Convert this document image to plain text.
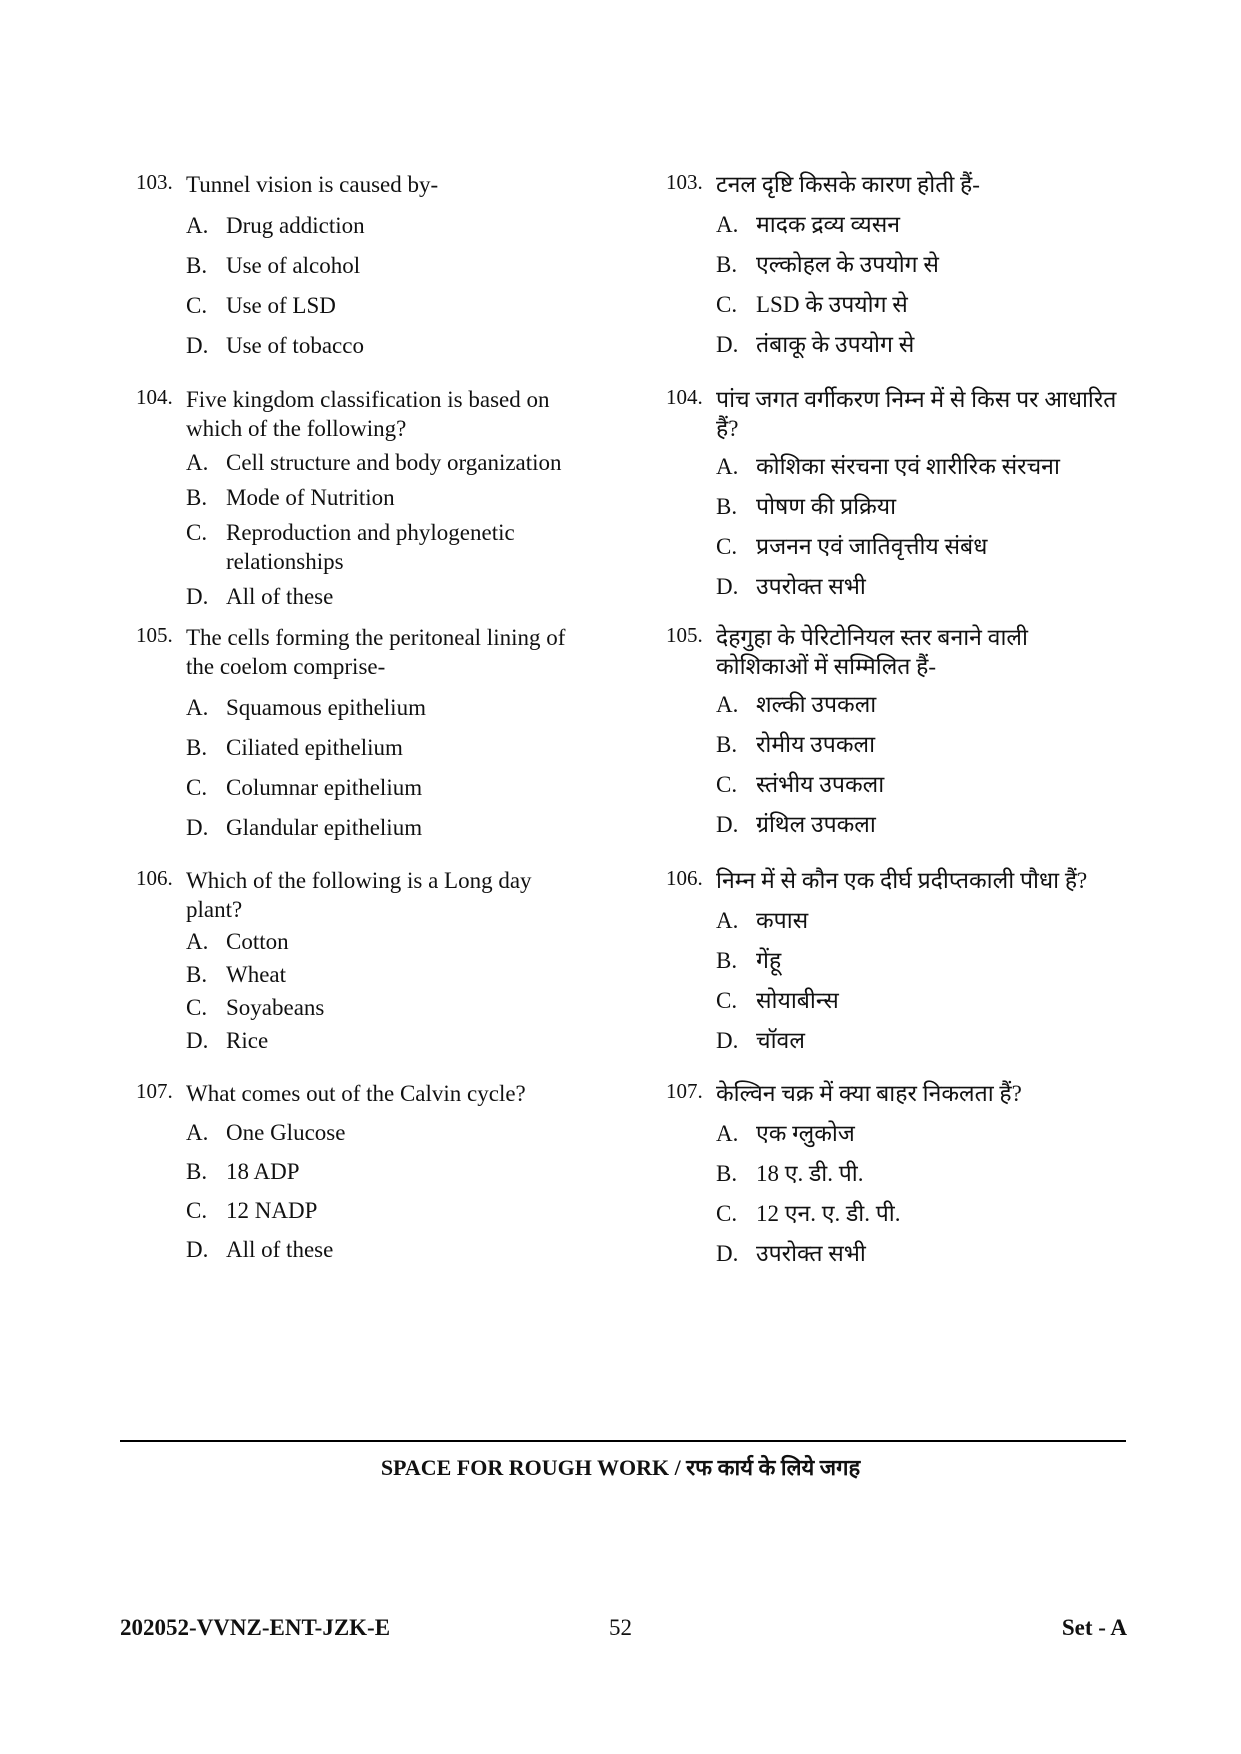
103. Tunnel vision is caused by-
A. Drug addiction
B. Use of alcohol
C. Use of LSD
D. Use of tobacco
104. Five kingdom classification is based on which of the following?
A. Cell structure and body organization
B. Mode of Nutrition
C. Reproduction and phylogenetic relationships
D. All of these
105. The cells forming the peritoneal lining of the coelom comprise-
A. Squamous epithelium
B. Ciliated epithelium
C. Columnar epithelium
D. Glandular epithelium
106. Which of the following is a Long day plant?
A. Cotton
B. Wheat
C. Soyabeans
D. Rice
107. What comes out of the Calvin cycle?
A. One Glucose
B. 18 ADP
C. 12 NADP
D. All of these
103. टनल दृष्टि किसके कारण होती हैं-
A. मादक द्रव्य व्यसन
B. एल्कोहल के उपयोग से
C. LSD के उपयोग से
D. तंबाकू के उपयोग से
104. पांच जगत वर्गीकरण निम्न में से किस पर आधारित हैं?
A. कोशिका संरचना एवं शारीरिक संरचना
B. पोषण की प्रक्रिया
C. प्रजनन एवं जातिवृत्तीय संबंध
D. उपरोक्त सभी
105. देहगुहा के पेरिटोनियल स्तर बनाने वाली कोशिकाओं में सम्मिलित हैं-
A. शल्की उपकला
B. रोमीय उपकला
C. स्तंभीय उपकला
D. ग्रंथिल उपकला
106. निम्न में से कौन एक दीर्घ प्रदीप्तकाली पौधा हैं?
A. कपास
B. गेंहू
C. सोयाबीन्स
D. चॉवल
107. केल्विन चक्र में क्या बाहर निकलता हैं?
A. एक ग्लुकोज
B. 18 ए. डी. पी.
C. 12 एन. ए. डी. पी.
D. उपरोक्त सभी
SPACE FOR ROUGH WORK / रफ कार्य के लिये जगह
202052-VVNZ-ENT-JZK-E	52	Set - A
